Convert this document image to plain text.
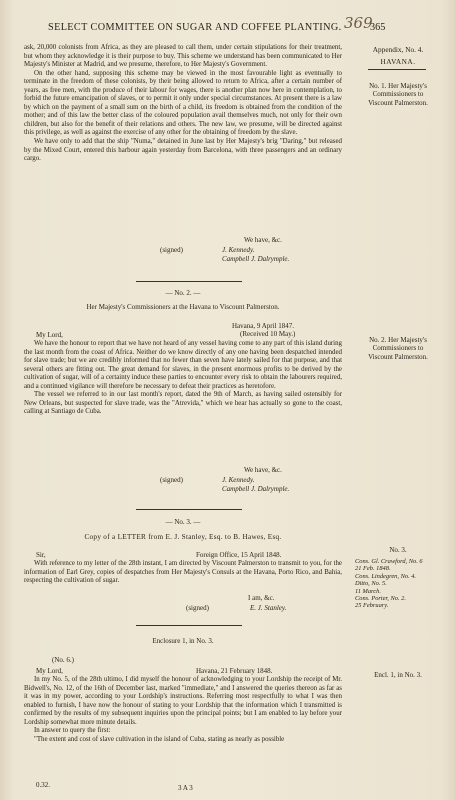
SELECT COMMITTEE ON SUGAR AND COFFEE PLANTING.	365
369

ask, 20,000 colonists from Africa, as they are pleased to call them, under certain stipulations for their treatment, but whom they acknowledge it is their purpose to buy. This scheme we understand has been communicated to Her Majesty's Minister at Madrid, and we presume, therefore, to Her Majesty's Government.

On the other hand, supposing this scheme may be viewed in the most favourable light as eventually to terminate in the freedom of these colonists, by their being allowed to return to Africa, after a certain number of years, as free men, with the produce of their labour for wages, there is another plan now here in contemplation, to forbid the future emancipation of slaves, or to permit it only under special circumstances. At present there is a law by which on the payment of a small sum on the birth of a child, its freedom is obtained from the condition of the mother; and of this law the better class of the coloured population avail themselves much, not only for their own children, but also for the benefit of their relations and others. The new law, we presume, will be directed against this privilege, as well as against the exercise of any other for the obtaining of freedom by the slave.

We have only to add that the ship "Numa," detained in June last by Her Majesty's brig "Daring," but released by the Mixed Court, entered this harbour again yesterday from Barcelona, with three passengers and an ordinary cargo.

We have, &c.
(signed)	J. Kennedy.
Campbell J. Dalrymple.
— No. 2. —
Her Majesty's Commissioners at the Havana to Viscount Palmerston.
Havana, 9 April 1847.
My Lord,	(Received 10 May.)

We have the honour to report that we have not heard of any vessel having come to any part of this island during the last month from the coast of Africa. Neither do we know directly of any one having been despatched intended for slave trade; but we are credibly informed that no fewer than seven have lately sailed for that purpose, and that several others are fitting out. The great demand for slaves, in the present enormous profits to be derived by the cultivation of sugar, will of a certainty induce these parties to encounter every risk to obtain the labourers required, and a continued vigilance will therefore be necessary to defeat their practices as heretofore.

The vessel we referred to in our last month's report, dated the 9th of March, as having sailed ostensibly for New Orleans, but suspected for slave trade, was the "Atrevida," which we hear has actually so gone to the coast, calling at Santiago de Cuba.

We have, &c.
(signed)	J. Kennedy.
Campbell J. Dalrymple.
— No. 3. —
Copy of a LETTER from E. J. Stanley, Esq. to B. Hawes, Esq.
Sir,	Foreign Office, 15 April 1848.

With reference to my letter of the 28th instant, I am directed by Viscount Palmerston to transmit to you, for the information of Earl Grey, copies of despatches from Her Majesty's Consuls at the Havana, Porto Rico, and Bahia, respecting the cultivation of sugar.

I am, &c.
(signed)	E. J. Stanley.
Enclosure 1, in No. 3.
(No. 6.)
My Lord,	Havana, 21 February 1848.

In my No. 5, of the 28th ultimo, I did myself the honour of acknowledging to your Lordship the receipt of Mr. Bidwell's, No. 12, of the 16th of December last, marked "immediate," and I answered the queries thereon as far as it was in my power, according to your Lordship's instructions. Referring most respectfully to what I was then enabled to furnish, I have now the honour of stating to your Lordship that the information which I transmitted is confirmed by the results of my subsequent inquiries upon the principal points; but I am enabled to lay before your Lordship somewhat more minute details.

In answer to query the first:

"The extent and cost of slave cultivation in the island of Cuba, stating as nearly as possible

0.32.	3 A 3
Appendix, No. 4.
HAVANA.
No. 1. Her Majesty's Commissioners to Viscount Palmerston.
No. 2. Her Majesty's Commissioners to Viscount Palmerston.
No. 3.
Cons. Gl. Crawford, No. 6
21 Feb. 1848.
Cons. Lindegren, No. 4.
Ditto, No. 5.
11 March.
Cons. Porter, No. 2.
25 February.
Encl. 1, in No. 3.
